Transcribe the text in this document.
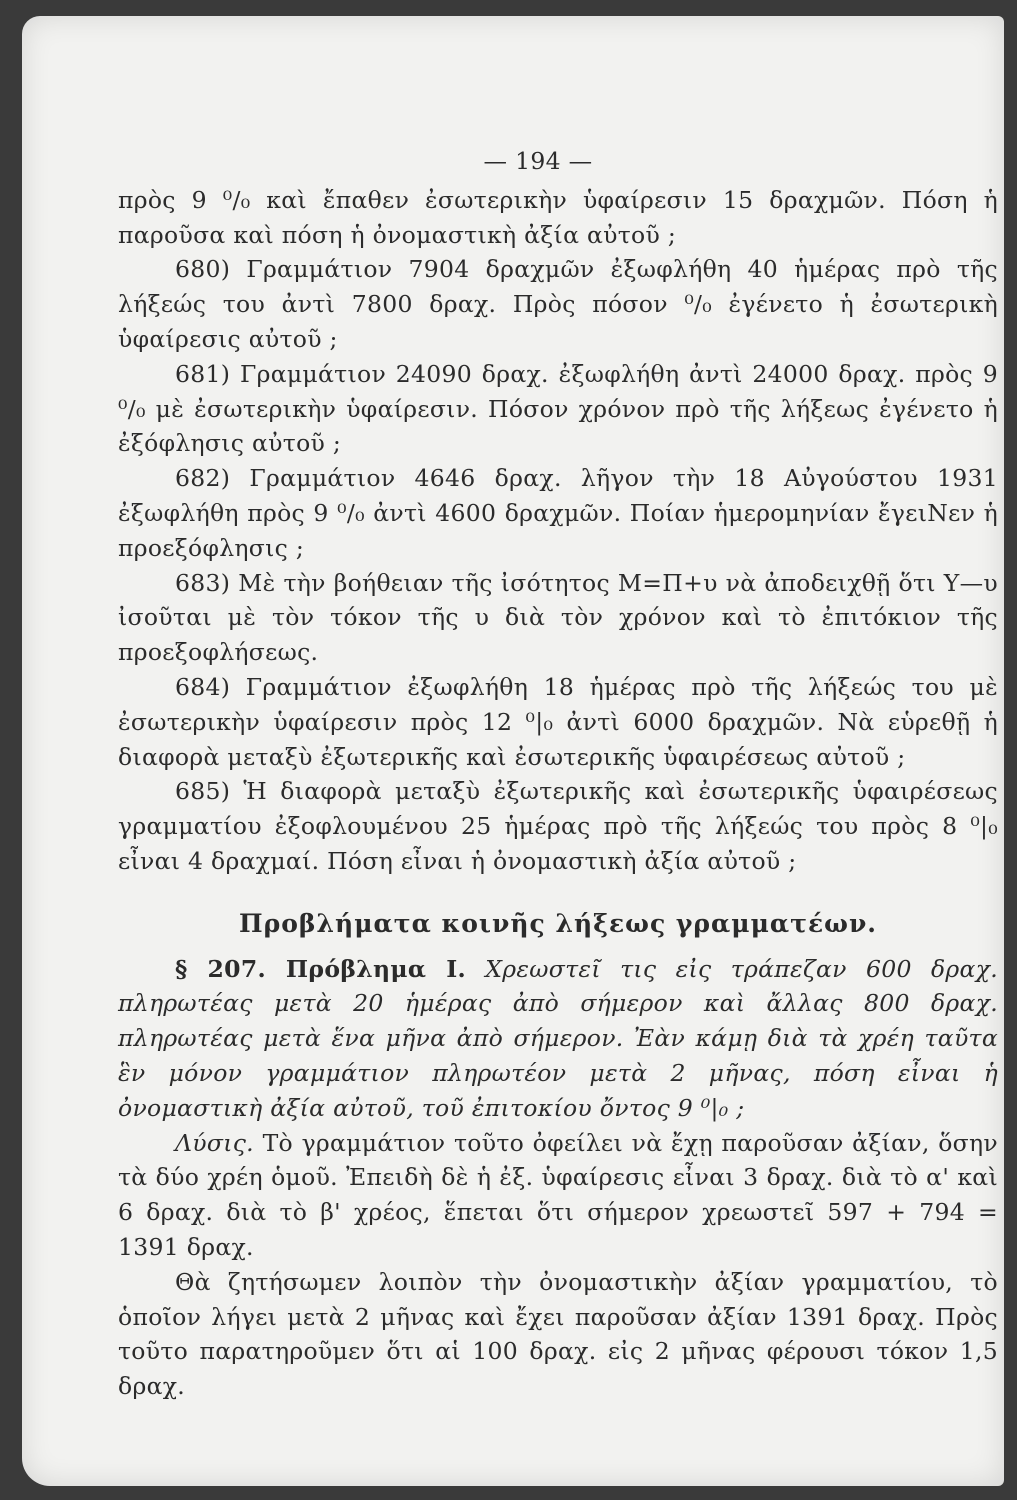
— 194 —

πρὸς 9 ⁰/₀ καὶ ἔπαθεν ἐσωτερικὴν ὑφαίρεσιν 15 δραχμῶν. Πόση ἡ παροῦσα καὶ πόση ἡ ὀνομαστικὴ ἀξία αὐτοῦ ;

680) Γραμμάτιον 7904 δραχμῶν ἐξωφλήθη 40 ἡμέρας πρὸ τῆς λήξεώς του ἀντὶ 7800 δραχ. Πρὸς πόσον ⁰/₀ ἐγένετο ἡ ἐσωτερικὴ ὑφαίρεσις αὐτοῦ ;

681) Γραμμάτιον 24090 δραχ. ἐξωφλήθη ἀντὶ 24000 δραχ. πρὸς 9 ⁰/₀ μὲ ἐσωτερικὴν ὑφαίρεσιν. Πόσον χρόνον πρὸ τῆς λήξεως ἐγένετο ἡ ἐξόφλησις αὐτοῦ ;

682) Γραμμάτιον 4646 δραχ. λῆγον τὴν 18 Αὐγούστου 1931 ἐξωφλήθη πρὸς 9 ⁰/₀ ἀντὶ 4600 δραχμῶν. Ποίαν ἡμερομηνίαν ἔγειNεν ἡ προεξόφλησις ;

683) Μὲ τὴν βοήθειαν τῆς ἰσότητος Μ=Π+υ νὰ ἀποδειχθῇ ὅτι Υ—υ ἰσοῦται μὲ τὸν τόκον τῆς υ διὰ τὸν χρόνον καὶ τὸ ἐπιτόκιον τῆς προεξοφλήσεως.

684) Γραμμάτιον ἐξωφλήθη 18 ἡμέρας πρὸ τῆς λήξεώς του μὲ ἐσωτερικὴν ὑφαίρεσιν πρὸς 12 ⁰|₀ ἀντὶ 6000 δραχμῶν. Νὰ εὑρεθῇ ἡ διαφορὰ μεταξὺ ἐξωτερικῆς καὶ ἐσωτερικῆς ὑφαιρέσεως αὐτοῦ ;

685) Ἡ διαφορὰ μεταξὺ ἐξωτερικῆς καὶ ἐσωτερικῆς ὑφαιρέσεως γραμματίου ἐξοφλουμένου 25 ἡμέρας πρὸ τῆς λήξεώς του πρὸς 8 ⁰|₀ εἶναι 4 δραχμαί. Πόση εἶναι ἡ ὀνομαστικὴ ἀξία αὐτοῦ ;

Προβλήματα κοινῆς λήξεως γραμματέων.

§ 207. Πρόβλημα Ι. Χρεωστεῖ τις εἰς τράπεζαν 600 δραχ. πληρωτέας μετὰ 20 ἡμέρας ἀπὸ σήμερον καὶ ἄλλας 800 δραχ. πληρωτέας μετὰ ἕνα μῆνα ἀπὸ σήμερον. Ἐὰν κάμῃ διὰ τὰ χρέη ταῦτα ἓν μόνον γραμμάτιον πληρωτέον μετὰ 2 μῆνας, πόση εἶναι ἡ ὀνομαστικὴ ἀξία αὐτοῦ, τοῦ ἐπιτοκίου ὄντος 9 ⁰|₀ ;

Λύσις. Τὸ γραμμάτιον τοῦτο ὀφείλει νὰ ἔχῃ παροῦσαν ἀξίαν, ὅσην τὰ δύο χρέη ὁμοῦ. Ἐπειδὴ δὲ ἡ ἐξ. ὑφαίρεσις εἶναι 3 δραχ. διὰ τὸ α' καὶ 6 δραχ. διὰ τὸ β' χρέος, ἕπεται ὅτι σήμερον χρεωστεῖ 597 + 794 = 1391 δραχ.

Θὰ ζητήσωμεν λοιπὸν τὴν ὀνομαστικὴν ἀξίαν γραμματίου, τὸ ὁποῖον λήγει μετὰ 2 μῆνας καὶ ἔχει παροῦσαν ἀξίαν 1391 δραχ. Πρὸς τοῦτο παρατηροῦμεν ὅτι αἱ 100 δραχ. εἰς 2 μῆνας φέρουσι τόκον 1,5 δραχ.
